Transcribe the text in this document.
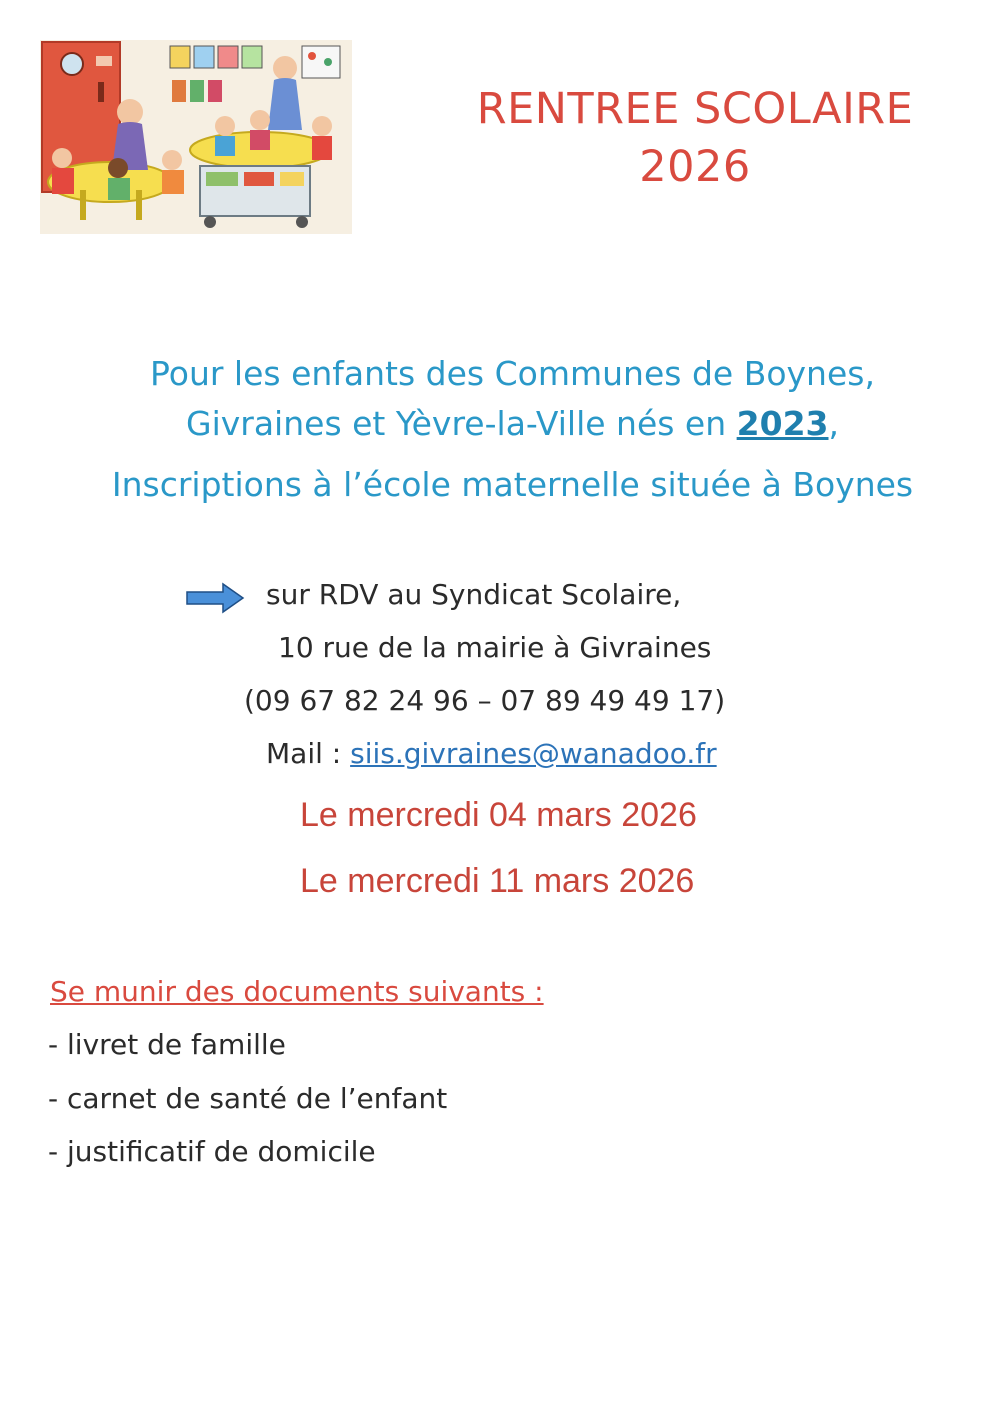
RENTREE SCOLAIRE
2026
Pour les enfants des Communes de Boynes,
Givraines et Yèvre-la-Ville nés en 2023,
Inscriptions à l’école maternelle située à Boynes
sur RDV au Syndicat Scolaire,
10 rue de la mairie à Givraines
(09 67 82 24 96 – 07 89 49 49 17)
Mail : siis.givraines@wanadoo.fr
Le mercredi 04 mars 2026
Le mercredi 11 mars 2026
Se munir des documents suivants :
- livret de famille
- carnet de santé de l’enfant
- justificatif de domicile
